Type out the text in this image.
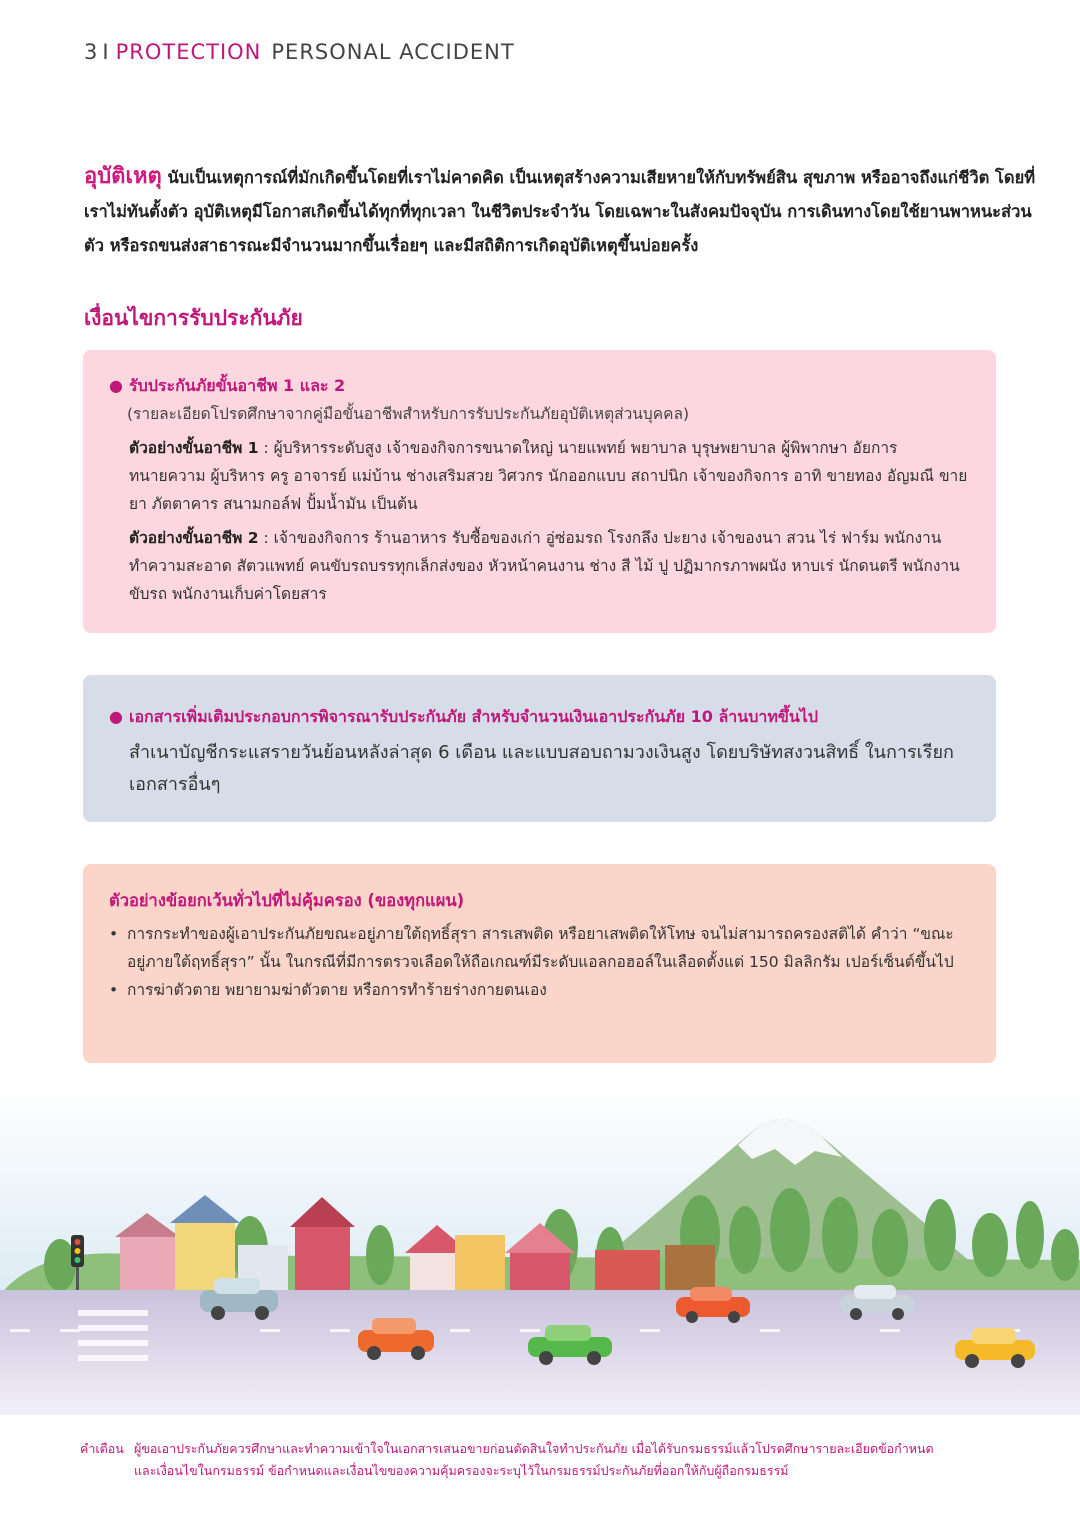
3 I PROTECTION PERSONAL ACCIDENT
อุบัติเหตุ นับเป็นเหตุการณ์ที่มักเกิดขึ้นโดยที่เราไม่คาดคิด เป็นเหตุสร้างความเสียหายให้กับทรัพย์สิน สุขภาพ หรืออาจถึงแก่ชีวิต โดยที่เราไม่ทันตั้งตัว อุบัติเหตุมีโอกาสเกิดขึ้นได้ทุกที่ทุกเวลา ในชีวิตประจำวัน โดยเฉพาะในสังคมปัจจุบัน การเดินทางโดยใช้ยานพาหนะส่วนตัว หรือรถขนส่งสาธารณะมีจำนวนมากขึ้นเรื่อยๆ และมีสถิติการเกิดอุบัติเหตุขึ้นบ่อยครั้ง
เงื่อนไขการรับประกันภัย
● รับประกันภัยขั้นอาชีพ 1 และ 2
(รายละเอียดโปรดศึกษาจากคู่มือขั้นอาชีพสำหรับการรับประกันภัยอุบัติเหตุส่วนบุคคล)
ตัวอย่างขั้นอาชีพ 1 : ผู้บริหารระดับสูง เจ้าของกิจการขนาดใหญ่ นายแพทย์ พยาบาล บุรุษพยาบาล ผู้พิพากษา อัยการ ทนายความ ผู้บริหาร ครู อาจารย์ แม่บ้าน ช่างเสริมสวย วิศวกร นักออกแบบ สถาปนิก เจ้าของกิจการ อาทิ ขายทอง อัญมณี ขายยา ภัตตาคาร สนามกอล์ฟ ปั้มน้ำมัน เป็นต้น
ตัวอย่างขั้นอาชีพ 2 : เจ้าของกิจการ ร้านอาหาร รับซื้อของเก่า อู่ซ่อมรถ โรงกลึง ปะยาง เจ้าของนา สวน ไร่ ฟาร์ม พนักงานทำความสะอาด สัตวแพทย์ คนขับรถบรรทุกเล็กส่งของ หัวหน้าคนงาน ช่าง สี ไม้ ปู ปฏิมากรภาพผนัง หาบเร่ นักดนตรี พนักงานขับรถ พนักงานเก็บค่าโดยสาร
● เอกสารเพิ่มเติมประกอบการพิจารณารับประกันภัย สำหรับจำนวนเงินเอาประกันภัย 10 ล้านบาทขึ้นไป
สำเนาบัญชีกระแสรายวันย้อนหลังล่าสุด 6 เดือน และแบบสอบถามวงเงินสูง โดยบริษัทสงวนสิทธิ์ ในการเรียกเอกสารอื่นๆ
ตัวอย่างข้อยกเว้นทั่วไปที่ไม่คุ้มครอง (ของทุกแผน)
• การกระทำของผู้เอาประกันภัยขณะอยู่ภายใต้ฤทธิ์สุรา สารเสพติด หรือยาเสพติดให้โทษ จนไม่สามารถครองสติได้ คำว่า “ขณะอยู่ภายใต้ฤทธิ์สุรา” นั้น ในกรณีที่มีการตรวจเลือดให้ถือเกณฑ์มีระดับแอลกอฮอล์ในเลือดตั้งแต่ 150 มิลลิกรัม เปอร์เซ็นต์ขึ้นไป
• การฆ่าตัวตาย พยายามฆ่าตัวตาย หรือการทำร้ายร่างกายตนเอง
คำเตือน ผู้ขอเอาประกันภัยควรศึกษาและทำความเข้าใจในเอกสารเสนอขายก่อนตัดสินใจทำประกันภัย เมื่อได้รับกรมธรรม์แล้วโปรดศึกษารายละเอียดข้อกำหนด
และเงื่อนไขในกรมธรรม์ ข้อกำหนดและเงื่อนไขของความคุ้มครองจะระบุไว้ในกรมธรรม์ประกันภัยที่ออกให้กับผู้ถือกรมธรรม์
